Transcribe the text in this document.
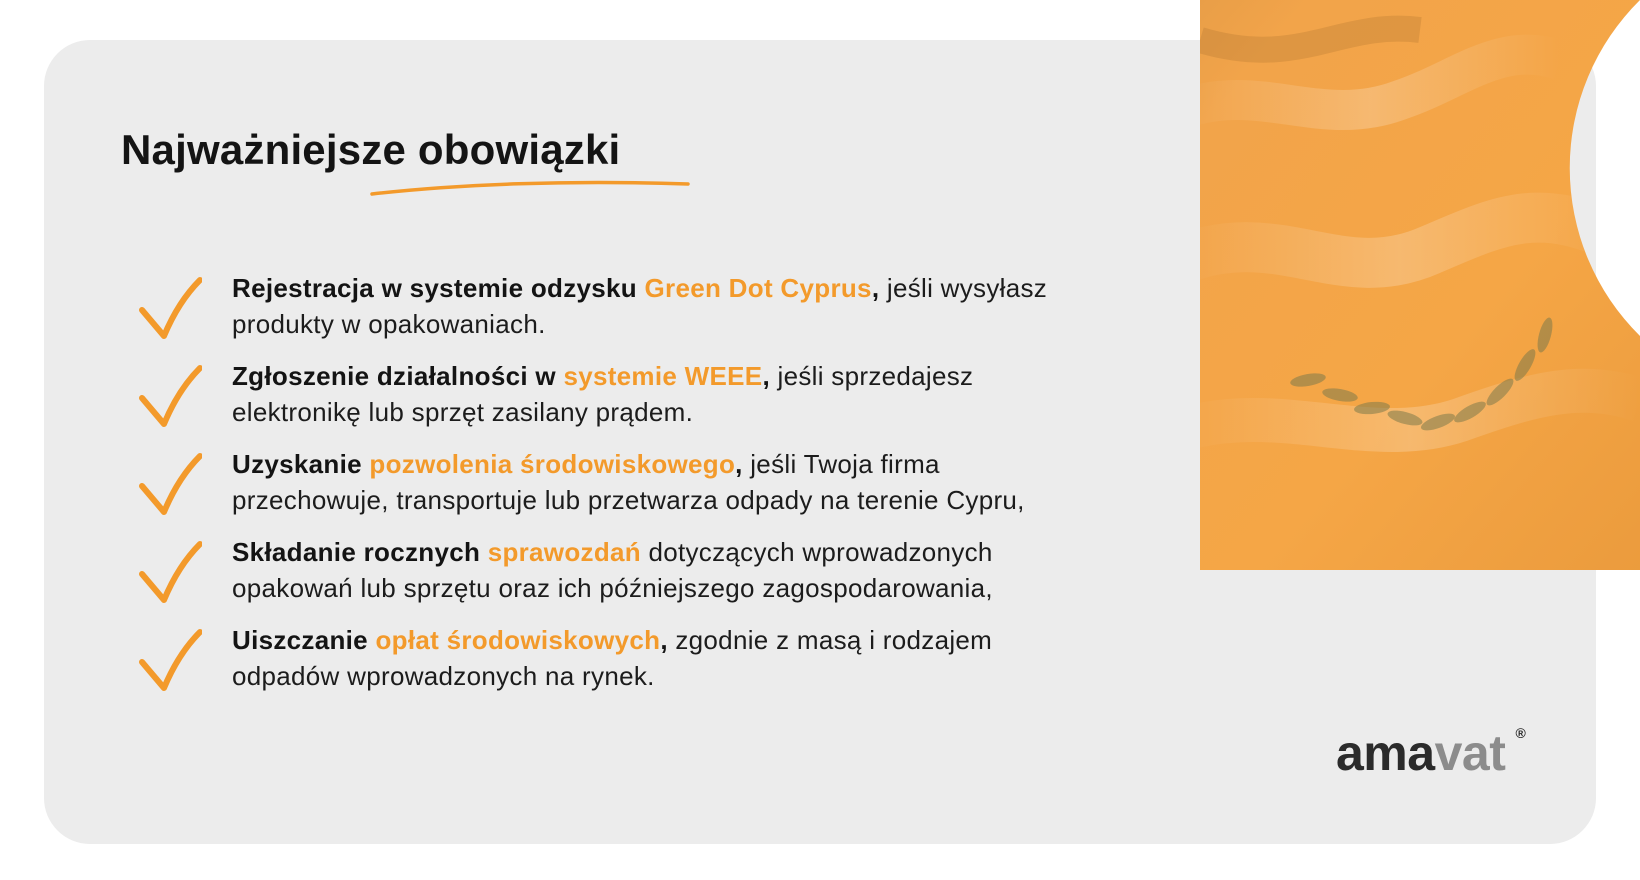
Najważniejsze obowiązki

Rejestracja w systemie odzysku Green Dot Cyprus, jeśli wysyłasz
produkty w opakowaniach.

Zgłoszenie działalności w systemie WEEE, jeśli sprzedajesz
elektronikę lub sprzęt zasilany prądem.

Uzyskanie pozwolenia środowiskowego, jeśli Twoja firma
przechowuje, transportuje lub przetwarza odpady na terenie Cypru,

Składanie rocznych sprawozdań dotyczących wprowadzonych
opakowań lub sprzętu oraz ich późniejszego zagospodarowania,

Uiszczanie opłat środowiskowych, zgodnie z masą i rodzajem
odpadów wprowadzonych na rynek.

amavat ®
